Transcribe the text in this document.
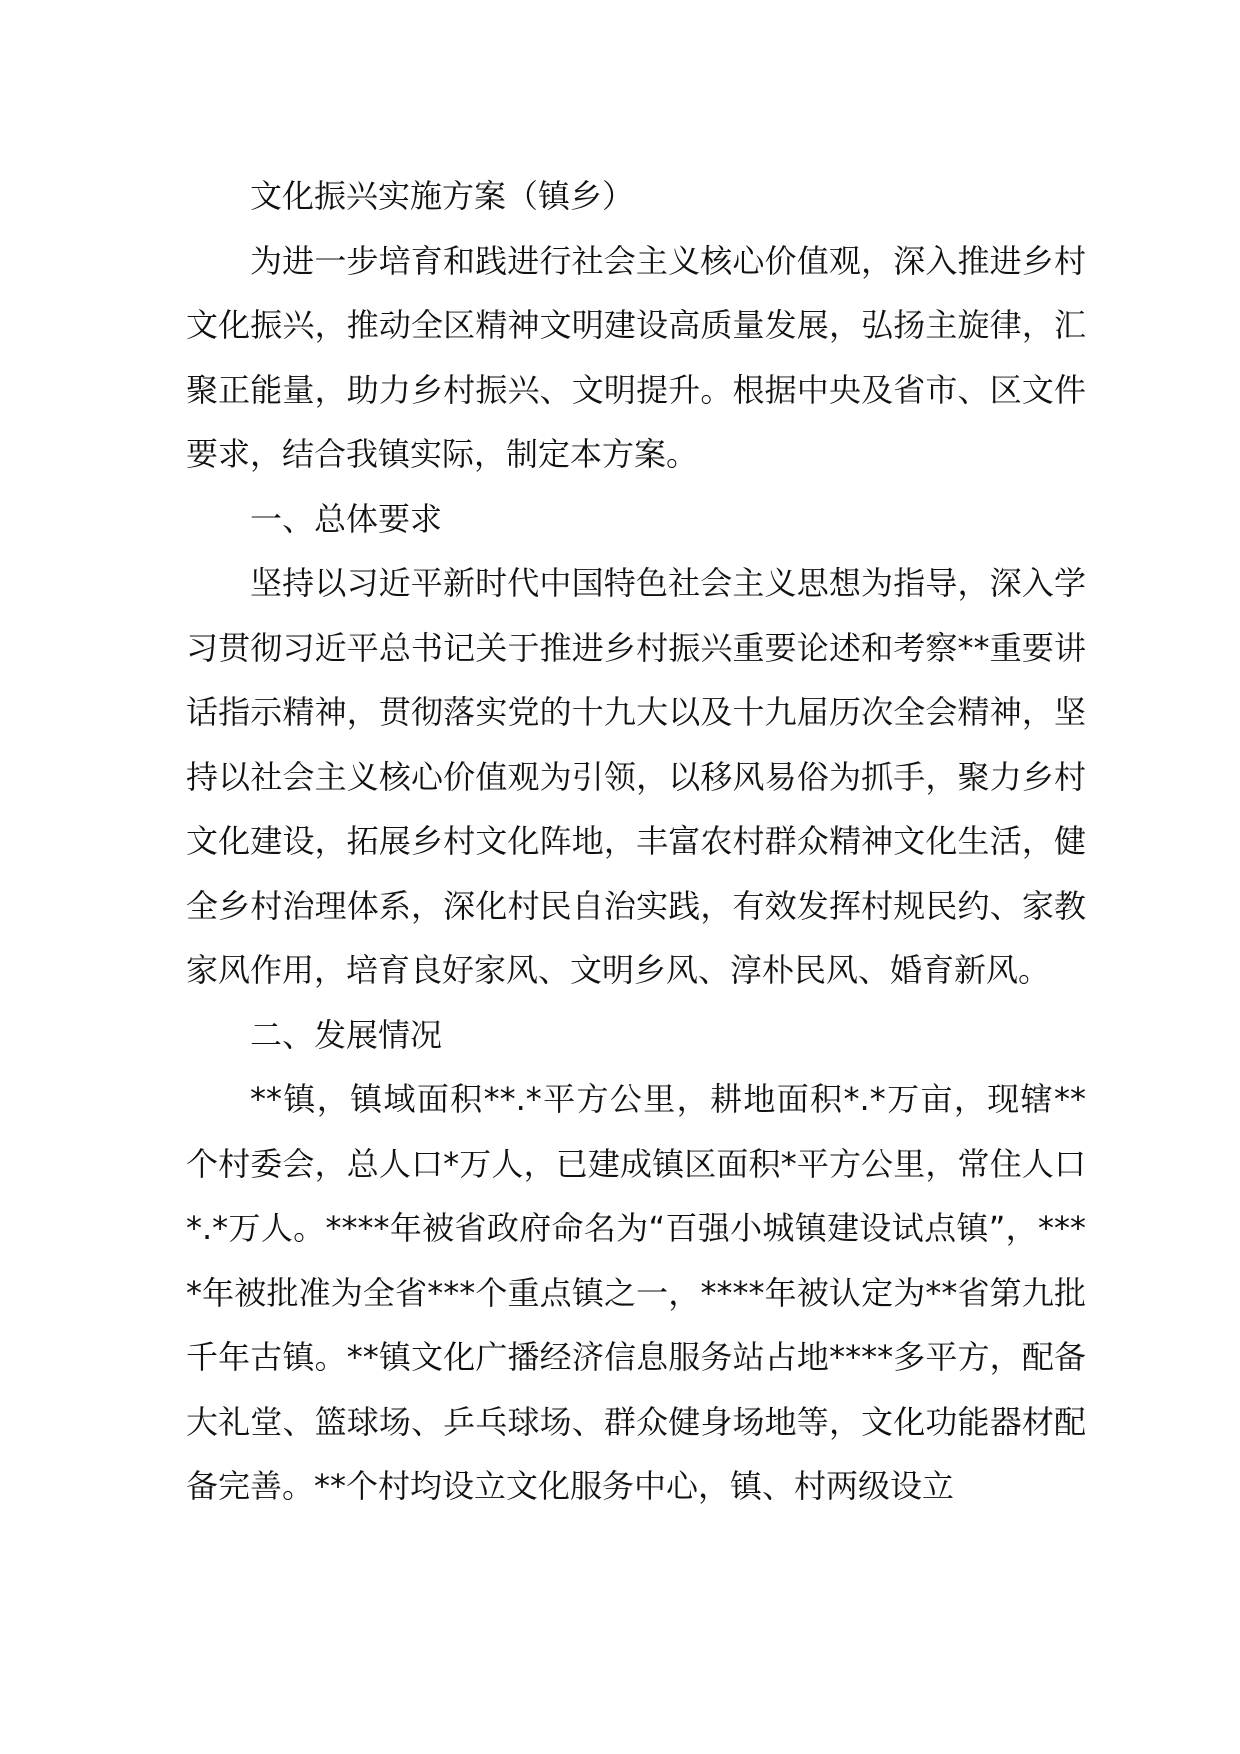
文化振兴实施方案（镇乡）

为进一步培育和践进行社会主义核心价值观，深入推进乡村文化振兴，推动全区精神文明建设高质量发展，弘扬主旋律，汇聚正能量，助力乡村振兴、文明提升。根据中央及省市、区文件要求，结合我镇实际，制定本方案。

一、总体要求

坚持以习近平新时代中国特色社会主义思想为指导，深入学习贯彻习近平总书记关于推进乡村振兴重要论述和考察**重要讲话指示精神，贯彻落实党的十九大以及十九届历次全会精神，坚持以社会主义核心价值观为引领，以移风易俗为抓手，聚力乡村文化建设，拓展乡村文化阵地，丰富农村群众精神文化生活，健全乡村治理体系，深化村民自治实践，有效发挥村规民约、家教家风作用，培育良好家风、文明乡风、淳朴民风、婚育新风。

二、发展情况

**镇，镇域面积**.*平方公里，耕地面积*.*万亩，现辖**个村委会，总人口*万人，已建成镇区面积*平方公里，常住人口*.*万人。****年被省政府命名为“百强小城镇建设试点镇”，****年被批准为全省***个重点镇之一，****年被认定为**省第九批千年古镇。**镇文化广播经济信息服务站占地****多平方，配备大礼堂、篮球场、乒乓球场、群众健身场地等，文化功能器材配备完善。**个村均设立文化服务中心，镇、村两级设立
